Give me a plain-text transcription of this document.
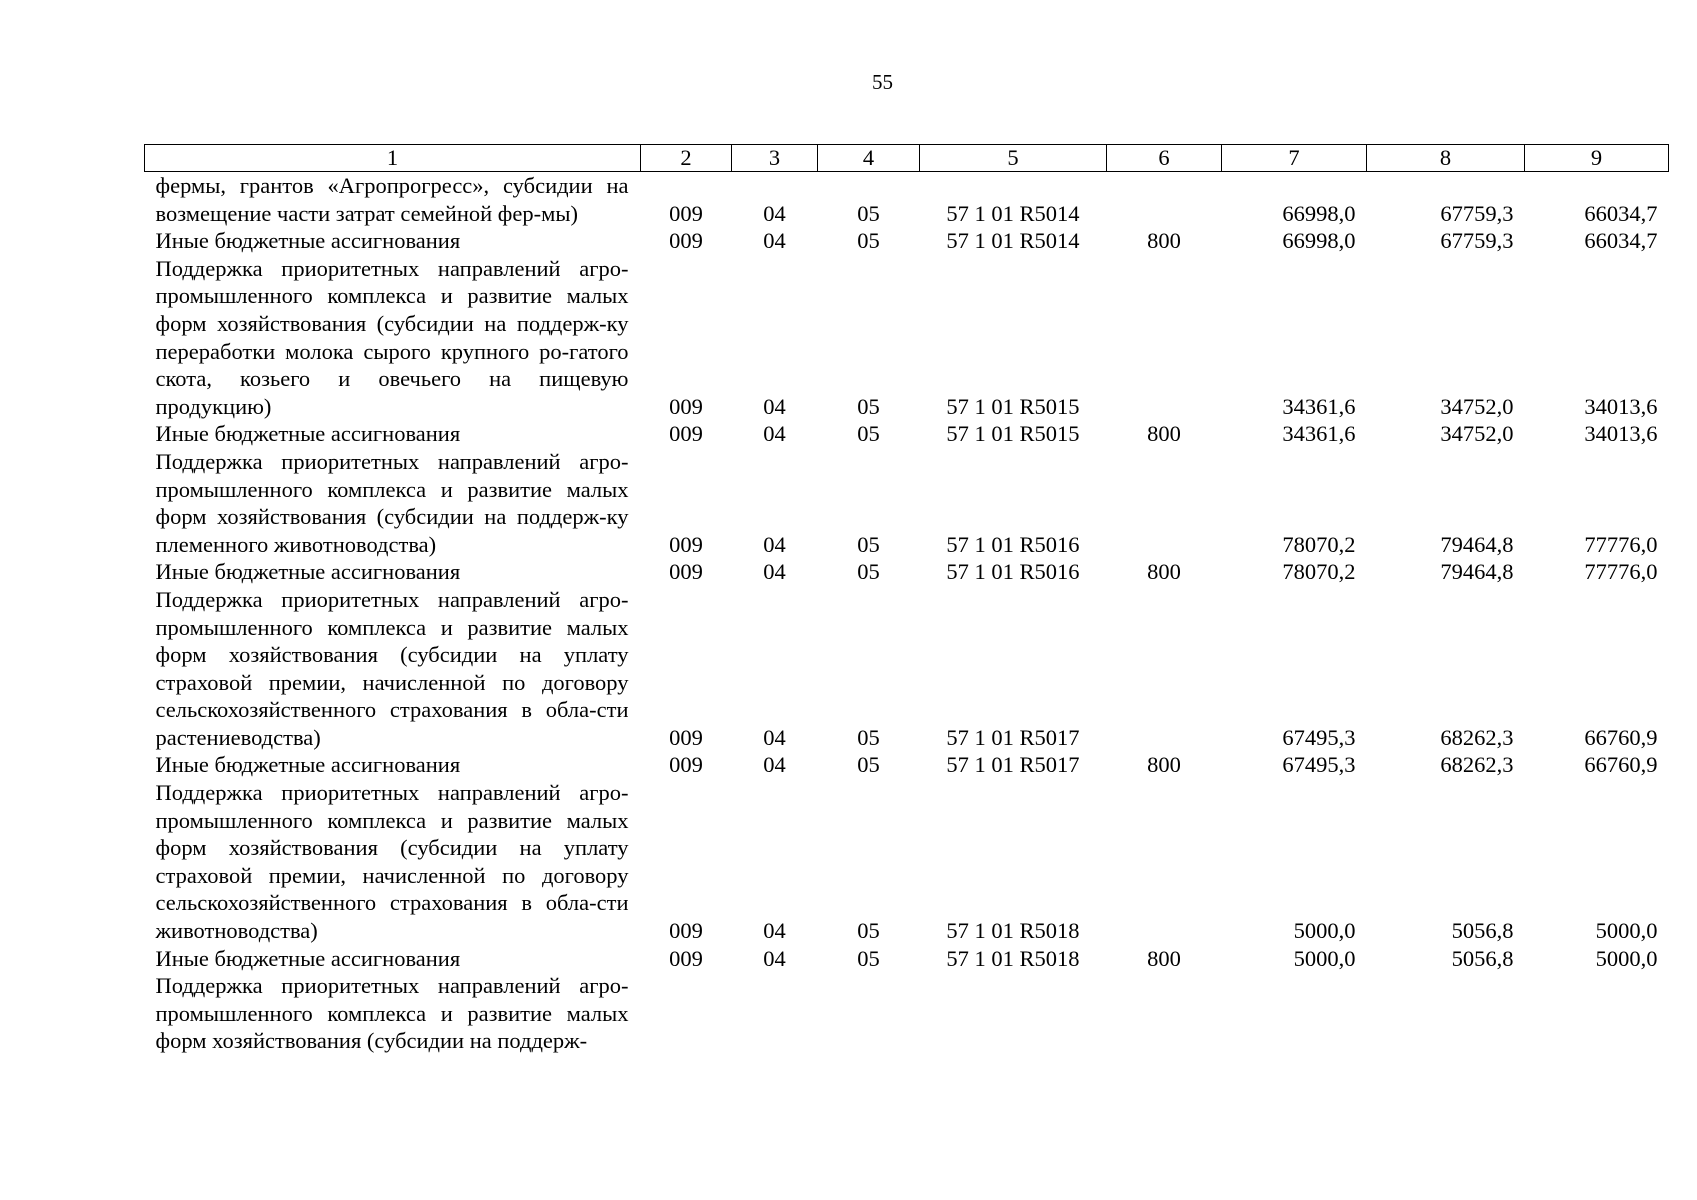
55
1	2	3	4	5	6	7	8	9
фермы, грантов «Агропрогресс», субсидии на возмещение части затрат семейной фер-мы)	009	04	05	57 1 01 R5014		66998,0	67759,3	66034,7
Иные бюджетные ассигнования	009	04	05	57 1 01 R5014	800	66998,0	67759,3	66034,7
Поддержка приоритетных направлений агро-промышленного комплекса и развитие малых форм хозяйствования (субсидии на поддерж-ку переработки молока сырого крупного ро-гатого скота, козьего и овечьего на пищевую продукцию)	009	04	05	57 1 01 R5015		34361,6	34752,0	34013,6
Иные бюджетные ассигнования	009	04	05	57 1 01 R5015	800	34361,6	34752,0	34013,6
Поддержка приоритетных направлений агро-промышленного комплекса и развитие малых форм хозяйствования (субсидии на поддерж-ку племенного животноводства)	009	04	05	57 1 01 R5016		78070,2	79464,8	77776,0
Иные бюджетные ассигнования	009	04	05	57 1 01 R5016	800	78070,2	79464,8	77776,0
Поддержка приоритетных направлений агро-промышленного комплекса и развитие малых форм хозяйствования (субсидии на уплату страховой премии, начисленной по договору сельскохозяйственного страхования в обла-сти растениеводства)	009	04	05	57 1 01 R5017		67495,3	68262,3	66760,9
Иные бюджетные ассигнования	009	04	05	57 1 01 R5017	800	67495,3	68262,3	66760,9
Поддержка приоритетных направлений агро-промышленного комплекса и развитие малых форм хозяйствования (субсидии на уплату страховой премии, начисленной по договору сельскохозяйственного страхования в обла-сти животноводства)	009	04	05	57 1 01 R5018		5000,0	5056,8	5000,0
Иные бюджетные ассигнования	009	04	05	57 1 01 R5018	800	5000,0	5056,8	5000,0
Поддержка приоритетных направлений агро-промышленного комплекса и развитие малых форм хозяйствования (субсидии на поддерж-								
